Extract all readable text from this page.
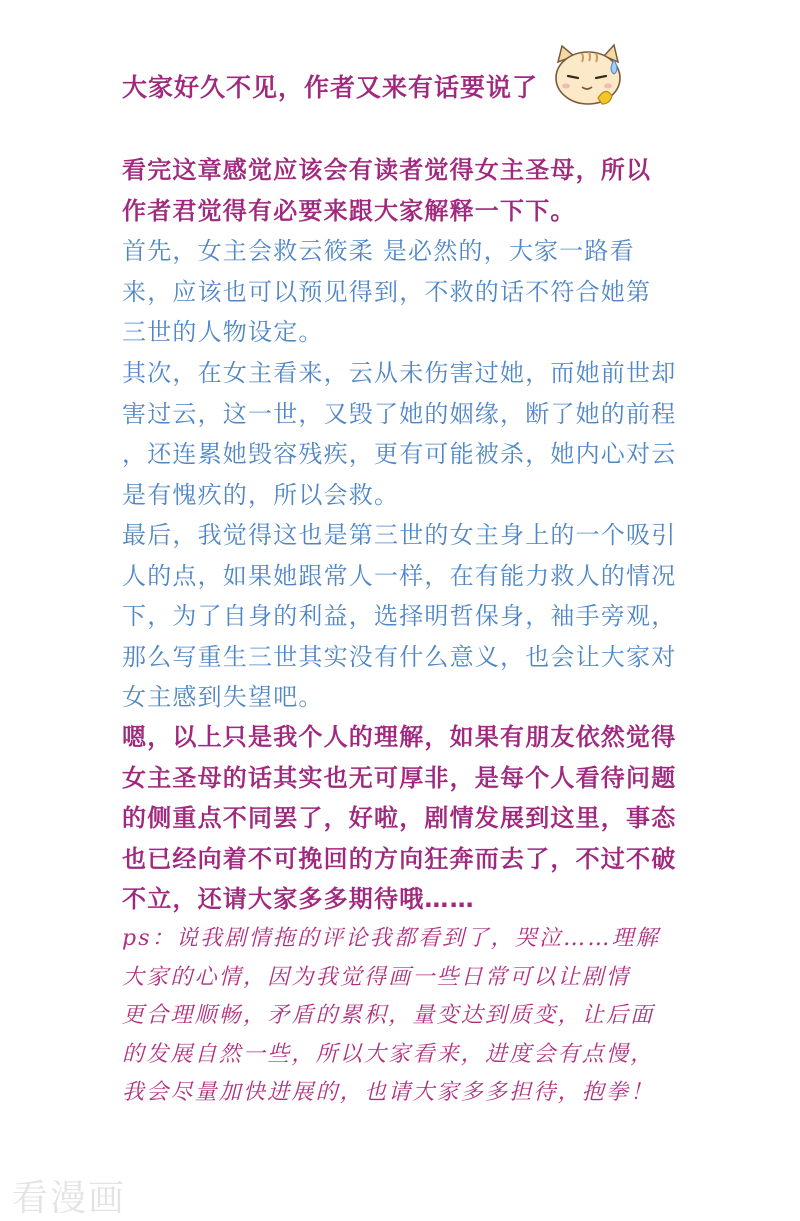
大家好久不见，作者又来有话要说了

看完这章感觉应该会有读者觉得女主圣母，所以
作者君觉得有必要来跟大家解释一下下。

首先，女主会救云筱柔 是必然的，大家一路看
来，应该也可以预见得到，不救的话不符合她第
三世的人物设定。

其次，在女主看来，云从未伤害过她，而她前世却
害过云，这一世，又毁了她的姻缘，断了她的前程
，还连累她毁容残疾，更有可能被杀，她内心对云
是有愧疚的，所以会救。

最后，我觉得这也是第三世的女主身上的一个吸引
人的点，如果她跟常人一样，在有能力救人的情况
下，为了自身的利益，选择明哲保身，袖手旁观，
那么写重生三世其实没有什么意义，也会让大家对
女主感到失望吧。

嗯，以上只是我个人的理解，如果有朋友依然觉得
女主圣母的话其实也无可厚非，是每个人看待问题
的侧重点不同罢了，好啦，剧情发展到这里，事态
也已经向着不可挽回的方向狂奔而去了，不过不破
不立，还请大家多多期待哦……

ps：说我剧情拖的评论我都看到了，哭泣……理解
大家的心情，因为我觉得画一些日常可以让剧情
更合理顺畅，矛盾的累积，量变达到质变，让后面
的发展自然一些，所以大家看来，进度会有点慢，
我会尽量加快进展的，也请大家多多担待，抱拳！

看漫画
